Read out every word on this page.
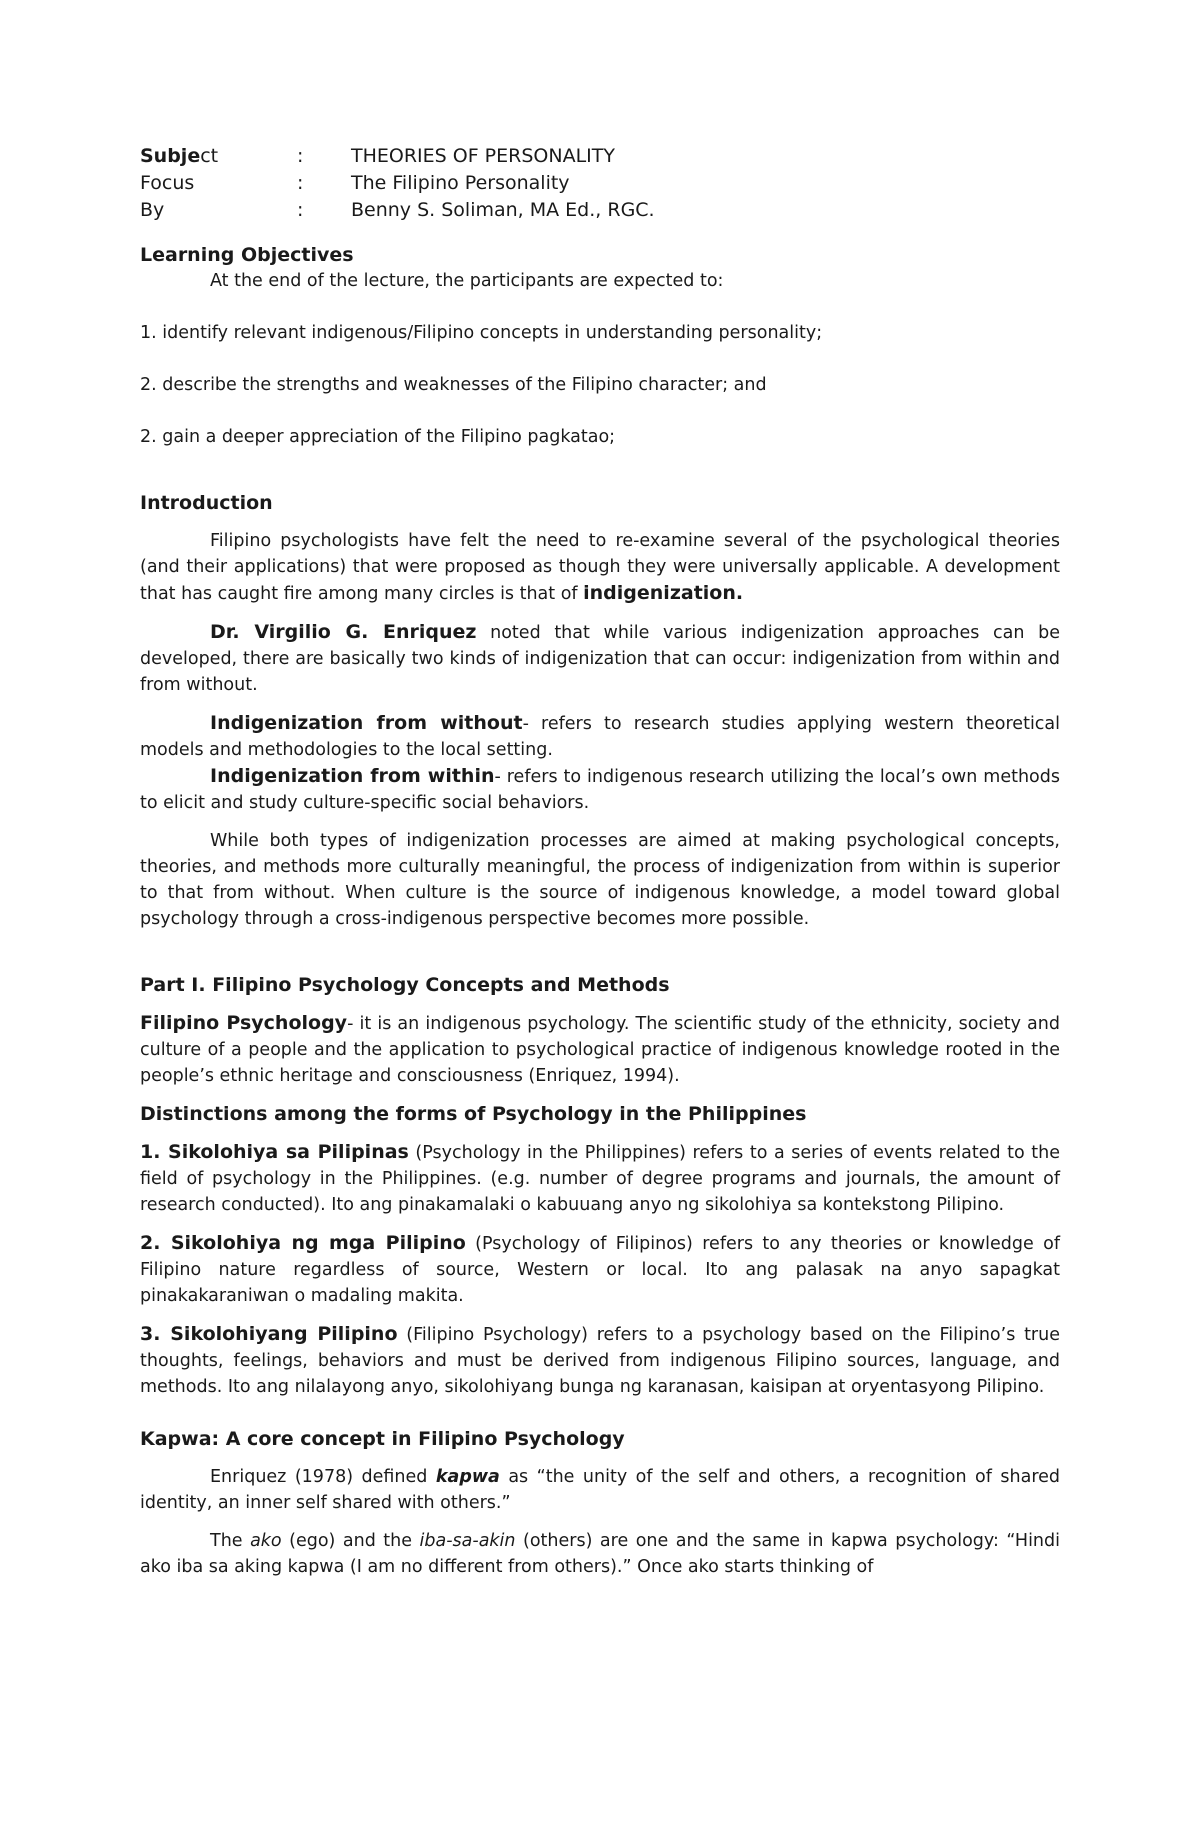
Subject	:	THEORIES OF PERSONALITY
Focus	:	The Filipino Personality
By	:	Benny S. Soliman, MA Ed., RGC.
Learning Objectives

At the end of the lecture, the participants are expected to:

1. identify relevant indigenous/Filipino concepts in understanding personality;

2. describe the strengths and weaknesses of the Filipino character; and

2. gain a deeper appreciation of the Filipino pagkatao;

Introduction

Filipino psychologists have felt the need to re-examine several of the psychological theories (and their applications) that were proposed as though they were universally applicable. A development that has caught fire among many circles is that of indigenization.

Dr. Virgilio G. Enriquez noted that while various indigenization approaches can be developed, there are basically two kinds of indigenization that can occur: indigenization from within and from without.

Indigenization from without- refers to research studies applying western theoretical models and methodologies to the local setting.

Indigenization from within- refers to indigenous research utilizing the local’s own methods to elicit and study culture-specific social behaviors.

While both types of indigenization processes are aimed at making psychological concepts, theories, and methods more culturally meaningful, the process of indigenization from within is superior to that from without. When culture is the source of indigenous knowledge, a model toward global psychology through a cross-indigenous perspective becomes more possible.

Part I. Filipino Psychology Concepts and Methods

Filipino Psychology- it is an indigenous psychology. The scientific study of the ethnicity, society and culture of a people and the application to psychological practice of indigenous knowledge rooted in the people’s ethnic heritage and consciousness (Enriquez, 1994).

Distinctions among the forms of Psychology in the Philippines

1. Sikolohiya sa Pilipinas (Psychology in the Philippines) refers to a series of events related to the field of psychology in the Philippines. (e.g. number of degree programs and journals, the amount of research conducted). Ito ang pinakamalaki o kabuuang anyo ng sikolohiya sa kontekstong Pilipino.

2. Sikolohiya ng mga Pilipino (Psychology of Filipinos) refers to any theories or knowledge of Filipino nature regardless of source, Western or local. Ito ang palasak na anyo sapagkat pinakakaraniwan o madaling makita.

3. Sikolohiyang Pilipino (Filipino Psychology) refers to a psychology based on the Filipino’s true thoughts, feelings, behaviors and must be derived from indigenous Filipino sources, language, and methods. Ito ang nilalayong anyo, sikolohiyang bunga ng karanasan, kaisipan at oryentasyong Pilipino.

Kapwa: A core concept in Filipino Psychology

Enriquez (1978) defined kapwa as “the unity of the self and others, a recognition of shared identity, an inner self shared with others.”

The ako (ego) and the iba-sa-akin (others) are one and the same in kapwa psychology: “Hindi ako iba sa aking kapwa (I am no different from others).” Once ako starts thinking of
